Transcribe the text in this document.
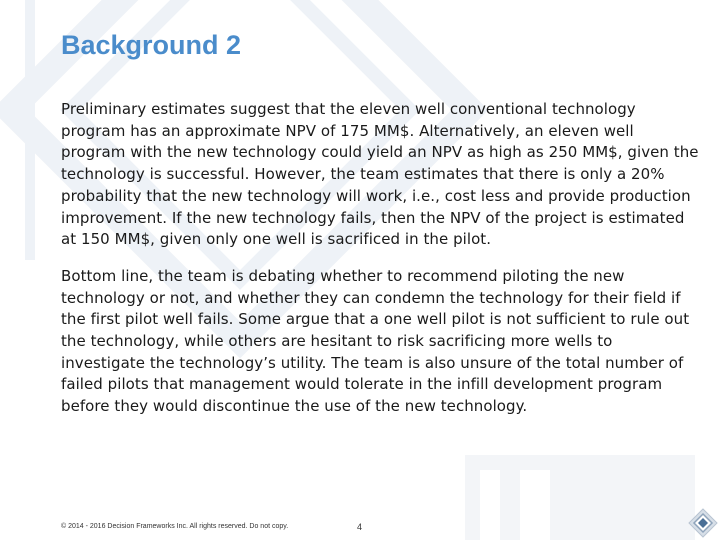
Background 2

Preliminary estimates suggest that the eleven well conventional technology program has an approximate NPV of 175 MM$. Alternatively, an eleven well program with the new technology could yield an NPV as high as 250 MM$, given the technology is successful. However, the team estimates that there is only a 20% probability that the new technology will work, i.e., cost less and provide production improvement. If the new technology fails, then the NPV of the project is estimated at 150 MM$, given only one well is sacrificed in the pilot.

Bottom line, the team is debating whether to recommend piloting the new technology or not, and whether they can condemn the technology for their field if the first pilot well fails. Some argue that a one well pilot is not sufficient to rule out the technology, while others are hesitant to risk sacrificing more wells to investigate the technology’s utility. The team is also unsure of the total number of failed pilots that management would tolerate in the infill development program before they would discontinue the use of the new technology.

© 2014 - 2016 Decision Frameworks Inc. All rights reserved. Do not copy.	4
